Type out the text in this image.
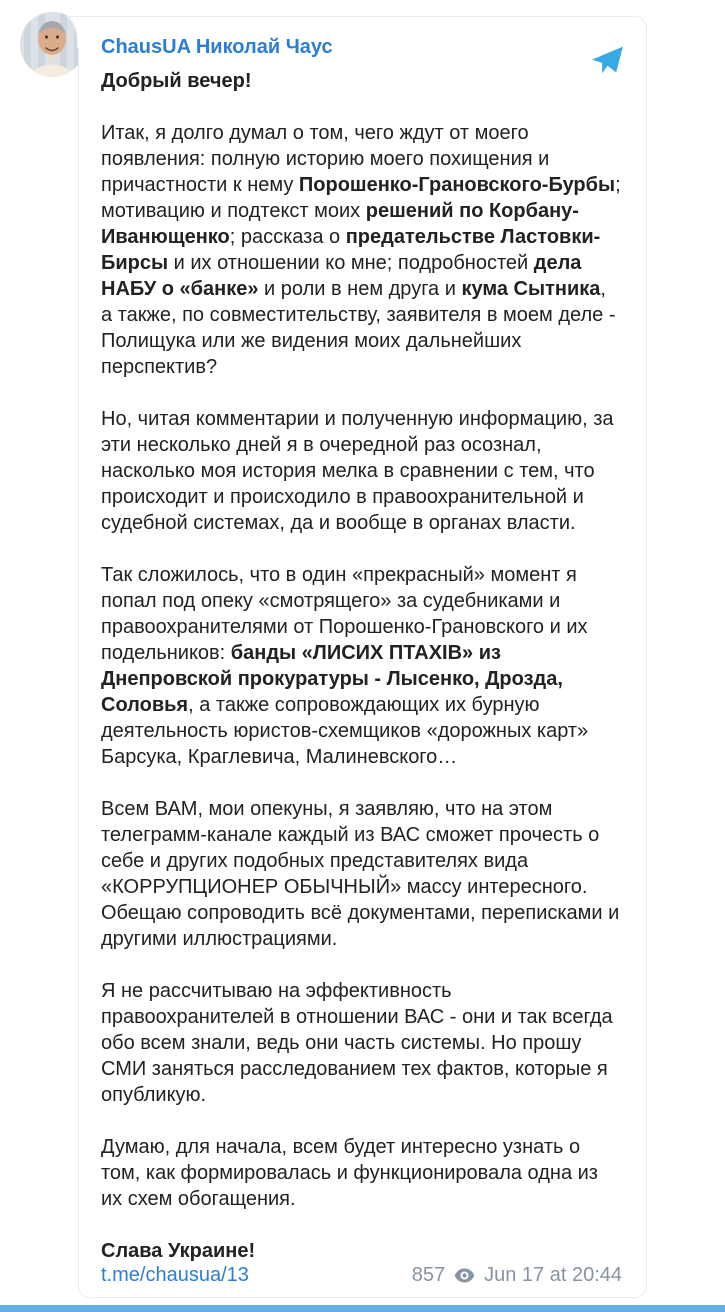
ChausUA Николай Чаус

Добрый вечер!

Итак, я долго думал о том, чего ждут от моего появления: полную историю моего похищения и причастности к нему Порошенко-Грановского-Бурбы; мотивацию и подтекст моих решений по Корбану-Иванющенко; рассказа о предательстве Ластовки-Бирсы и их отношении ко мне; подробностей дела НАБУ о «банке» и роли в нем друга и кума Сытника, а также, по совместительству, заявителя в моем деле - Полищука или же видения моих дальнейших перспектив?

Но, читая комментарии и полученную информацию, за эти несколько дней я в очередной раз осознал, насколько моя история мелка в сравнении с тем, что происходит и происходило в правоохранительной и судебной системах, да и вообще в органах власти.

Так сложилось, что в один «прекрасный» момент я попал под опеку «смотрящего» за судебниками и правоохранителями от Порошенко-Грановского и их подельников: банды «ЛИСИХ ПТАХІВ» из Днепровской прокуратуры - Лысенко, Дрозда, Соловья, а также сопровождающих их бурную деятельность юристов-схемщиков «дорожных карт» Барсука, Краглевича, Малиневского…

Всем ВАМ, мои опекуны, я заявляю, что на этом телеграмм-канале каждый из ВАС сможет прочесть о себе и других подобных представителях вида «КОРРУПЦИОНЕР ОБЫЧНЫЙ» массу интересного. Обещаю сопроводить всё документами, переписками и другими иллюстрациями.

Я не рассчитываю на эффективность правоохранителей в отношении ВАС - они и так всегда обо всем знали, ведь они часть системы. Но прошу СМИ заняться расследованием тех фактов, которые я опубликую.

Думаю, для начала, всем будет интересно узнать о том, как формировалась и функционировала одна из их схем обогащения.

Слава Украине!

t.me/chausua/13	857 Jun 17 at 20:44
